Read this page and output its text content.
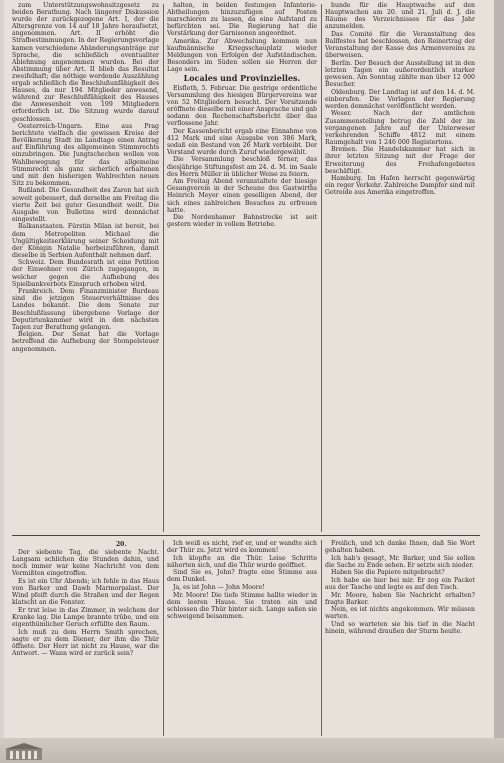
zum Unterstützungswohnsitzgesetz zu beiden Berathung. Nach längerer Diskussion wurde der zurückgezogene Art. I, der die Altersgrenze von 14 auf 18 Jahre heraufsetzt, angenommen. Art. II erhöht die Strafbestimmungen. In der Regierungsvorlage kamen verschiedene Abänderungsanträge zur Sprache, die schließlich eventualiter Ablehnung angenommen wurden. Bei der Abstimmung über Art. II blieb das Resultat zweifelhaft; die nöthige werdende Auszählung ergab schließlich die Beschlußunfähigkeit des Hauses, da nur 194 Mitglieder anwesend, während zur Beschlußfähigkeit des Hauses die Anwesenheit von 199 Mitgliedern erforderlich ist. Die Sitzung wurde darauf geschlossen.

Oesterreich-Ungarn. Eine aus Prag berichtete vielfach die gewissen Kreise der Bevölkerung Stadt im Landtage einen Antrag auf Einführung des allgemeinen Stimmrechts einzubringen. Die Jungtschechen wollen von Wahlbewegung für das allgemeine Stimmrecht als ganz sicherlich erhaltenen und mit den bisherigen Wahlrechten neuen Sitz zu bekommen.

Rußland. Die Gesundheit des Zaren hat sich soweit gebessert, daß derselbe am Freitag die vierte Zeit bei guter Gesundheit weilt. Die Ausgabe von Bulletins wird demnächst eingestellt.

Balkanstaaten. Fürstin Milan ist bereit, bei dem Metropoliten Michael die Ungültigkeitserklärung seiner Scheidung mit der Königin Natalie herbeizuführen, damit dieselbe in Serbien Aufenthalt nehmen darf.

Schweiz. Dem Bundesrath ist eine Petition der Einwohner von Zürich zugegangen, in welcher gegen die Aufhebung des Spielbankverbots Einspruch erhoben wird.

Frankreich. Dem Finanzminister Burdeau sind die jetzigen Steuerverhältnisse des Landes bekannt. Die dem Senate zur Beschlußfassung übergebene Vorlage der Deputirtenkammer wird in den nächsten Tagen zur Berathung gelangen.

Belgien. Der Senat hat die Vorlage betreffend die Aufhebung der Stempelsteuer angenommen.

halten, in beiden festungen Infanterie-Abtheilungen hinzuzufügen auf Posten marschieren zu lassen, da eine Aufstand zu befürchten sei. Die Regierung hat die Verstärkung der Garnisonen angeordnet.

Amerika. Zur Abwechslung kommen nun kaufmännische Kriegsschauplatz wieder Meldungen von Erfolgen der Aufständischen. Besonders im Süden sollen sie Herren der Lage sein.

Locales und Provinzielles.

Elsfleth, 5. Februar. Die gestrige ordentliche Versammlung des hiesigen Bürgervereins war von 52 Mitgliedern besucht. Der Vorsitzende eröffnete dieselbe mit einer Ansprache und gab sodann den Rechenschaftsbericht über das verflossene Jahr.

Der Kassenbericht ergab eine Einnahme von 412 Mark und eine Ausgabe von 386 Mark, sodaß ein Bestand von 26 Mark verbleibt. Der Vorstand wurde durch Zuruf wiedergewählt.

Die Versammlung beschloß ferner, das diesjährige Stiftungsfest am 24. d. M. im Saale des Herrn Müller in üblicher Weise zu feiern.

Am Freitag Abend veranstaltete der hiesige Gesangverein in der Scheune des Gastwirths Heinrich Meyer einen geselligen Abend, der sich eines zahlreichen Besuches zu erfreuen hatte.

Die Nordenhamer Bahnstrecke ist seit gestern wieder in vollem Betriebe.

hunde für die Hauptwache auf den Hauptwachen am 20. und 21. Juli d. J. die Räume des Verzeichnisses für das Jahr anzumelden.

Das Comité für die Veranstaltung des Ballfestes hat beschlossen, den Reinertrag der Veranstaltung der Kasse des Armenvereins zu überweisen.

Berlin. Der Besuch der Ausstellung ist in den letzten Tagen ein außerordentlich starker gewesen. Am Sonntag zählte man über 12 000 Besucher.

Oldenburg. Der Landtag ist auf den 14. d. M. einberufen. Die Vorlagen der Regierung werden demnächst veröffentlicht werden.

Weser. Nach der amtlichen Zusammenstellung betrug die Zahl der im vergangenen Jahre auf der Unterweser verkehrenden Schiffe 4812 mit einem Raumgehalt von 1 246 000 Registertons.

Bremen. Die Handelskammer hat sich in ihrer letzten Sitzung mit der Frage der Erweiterung des Freihafengebietes beschäftigt.

Hamburg. Im Hafen herrscht gegenwärtig ein reger Verkehr. Zahlreiche Dampfer sind mit Getreide aus Amerika eingetroffen.

20.

Der siebente Tag, die siebente Nacht. Langsam schlichen die Stunden dahin, und noch immer war keine Nachricht von dem Vermißten eingetroffen.

Es ist ein Uhr Abends; ich fehle in das Haus von Barker und Dawb Marmorpalast. Der Wind pfeift durch die Straßen und der Regen klatscht an die Fenster.

Er trat leise in das Zimmer, in welchem der Kranke lag. Die Lampe brannte trübe, und ein eigenthümlicher Geruch erfüllte den Raum.

Ich muß zu dem Herrn Smith sprechen, sagte er zu dem Diener, der ihm die Thür öffnete. Der Herr ist nicht zu Hause, war die Antwort. — Wann wird er zurück sein?

Ich weiß es nicht, rief er, und er wandte sich der Thür zu. Jetzt wird es kommen!

Ich klopfte an die Thür. Leise Schritte näherten sich, und die Thür wurde geöffnet.

Sind Sie es, John? fragte eine Stimme aus dem Dunkel.

Ja, es ist John — John Moore!

Mr. Moore! Die tiefe Stimme hallte wieder in dem leeren Hause. Sie traten ein und schlossen die Thür hinter sich. Lange saßen sie schweigend beisammen.

Freilich, und ich danke Ihnen, daß Sie Wort gehalten haben.

Ich hab's gesagt, Mr. Barker, und Sie sollen die Sache zu Ende sehen. Er setzte sich nieder.

Haben Sie die Papiere mitgebracht?

Ich habe sie hier bei mir. Er zog ein Packet aus der Tasche und legte es auf den Tisch.

Mr. Moore, haben Sie Nachricht erhalten? fragte Barker.

Nein, es ist nichts angekommen. Wir müssen warten.

Und so warteten sie bis tief in die Nacht hinein, während draußen der Sturm heulte.
